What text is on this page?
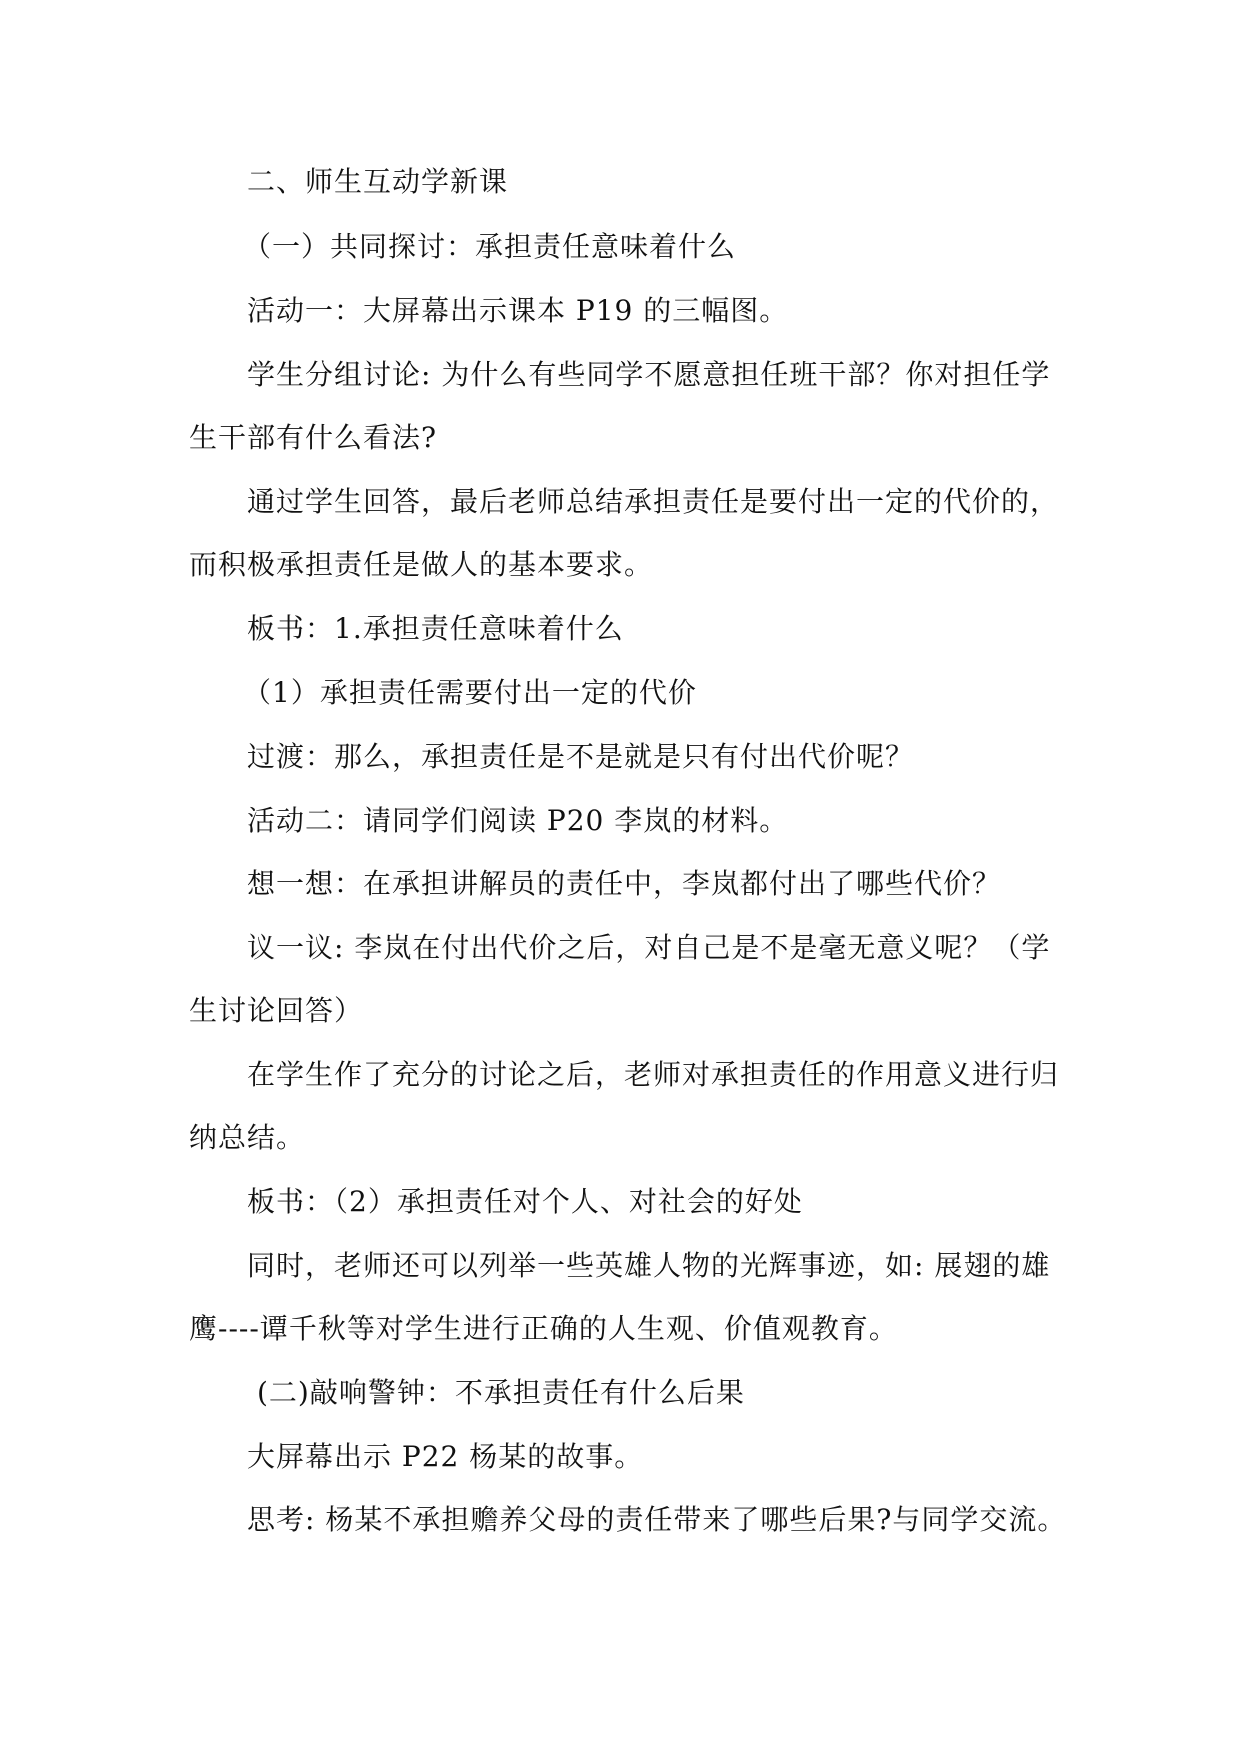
二、师生互动学新课
（一）共同探讨：承担责任意味着什么
活动一：大屏幕出示课本 P19 的三幅图。
学生分组讨论: 为什么有些同学不愿意担任班干部？你对担任学
生干部有什么看法?
通过学生回答，最后老师总结承担责任是要付出一定的代价的，
而积极承担责任是做人的基本要求。
板书：1.承担责任意味着什么
（1）承担责任需要付出一定的代价
过渡：那么，承担责任是不是就是只有付出代价呢？
活动二：请同学们阅读 P20 李岚的材料。
想一想：在承担讲解员的责任中，李岚都付出了哪些代价？
议一议: 李岚在付出代价之后，对自己是不是毫无意义呢？（学
生讨论回答）
在学生作了充分的讨论之后，老师对承担责任的作用意义进行归
纳总结。
板书：（2）承担责任对个人、对社会的好处
同时，老师还可以列举一些英雄人物的光辉事迹，如: 展翅的雄
鹰----谭千秋等对学生进行正确的人生观、价值观教育。
(二)敲响警钟：不承担责任有什么后果
大屏幕出示 P22 杨某的故事。
思考: 杨某不承担赡养父母的责任带来了哪些后果?与同学交流。
